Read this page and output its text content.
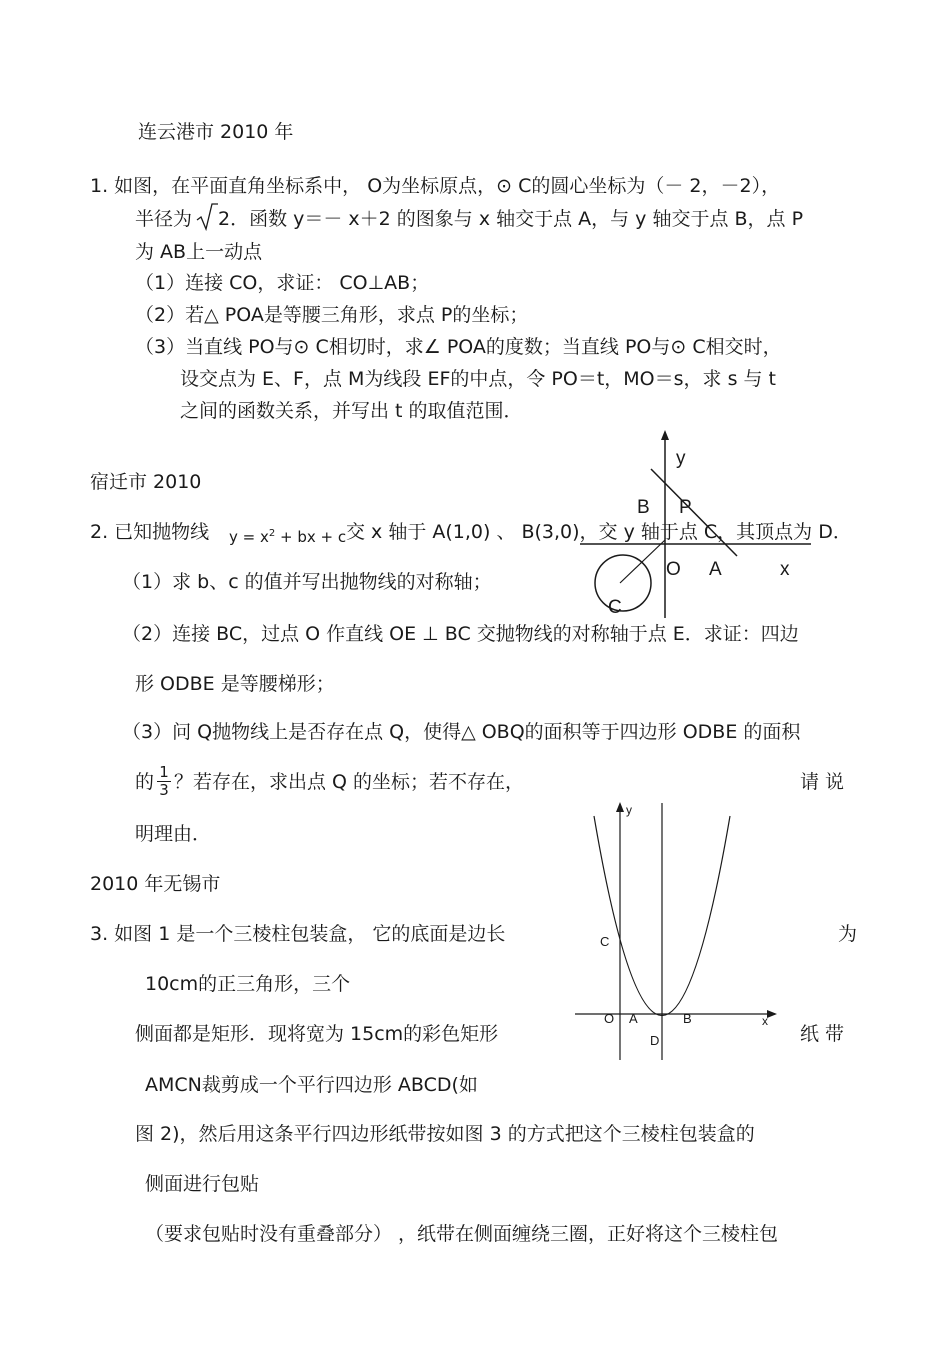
连云港市 2010 年
1. 如图，在平面直角坐标系中， O为坐标原点，⊙ C的圆心坐标为（－ 2，－2），
半径为 2．函数 y＝－ x＋2 的图象与 x 轴交于点 A，与 y 轴交于点 B，点 P
为 AB上一动点
（1）连接 CO，求证： CO⊥AB；
（2）若△ POA是等腰三角形，求点 P的坐标；
（3）当直线 PO与⊙ C相切时，求∠ POA的度数；当直线 PO与⊙ C相交时，
设交点为 E、F，点 M为线段 EF的中点，令 PO＝t，MO＝s，求 s 与 t
之间的函数关系，并写出 t 的取值范围．
y
x
B P
O A
C
宿迁市 2010
2. 已知抛物线 $y = x^2$ + bx + c 交 x 轴于 A(1,0) 、 B(3,0)，交 y 轴于点 C，其顶点为 D．
（1）求 b、c 的值并写出抛物线的对称轴；
（2）连接 BC，过点 O 作直线 OE ⊥ BC 交抛物线的对称轴于点 E．求证：四边
形 ODBE 是等腰梯形；
（3）问 Q抛物线上是否存在点 Q，使得△ OBQ的面积等于四边形 ODBE 的面积
的 $\frac{1}{3}$ ？若存在，求出点 Q 的坐标；若不存在，	请 说
明理由．
y
x
C
O A	B
D
2010 年无锡市
3. 如图 1 是一个三棱柱包装盒， 它的底面是边长	为
10cm的正三角形，三个
侧面都是矩形．现将宽为 15cm的彩色矩形	纸 带
AMCN裁剪成一个平行四边形 ABCD(如
图 2)，然后用这条平行四边形纸带按如图 3 的方式把这个三棱柱包装盒的
侧面进行包贴
（要求包贴时没有重叠部分） ，纸带在侧面缠绕三圈，正好将这个三棱柱包
